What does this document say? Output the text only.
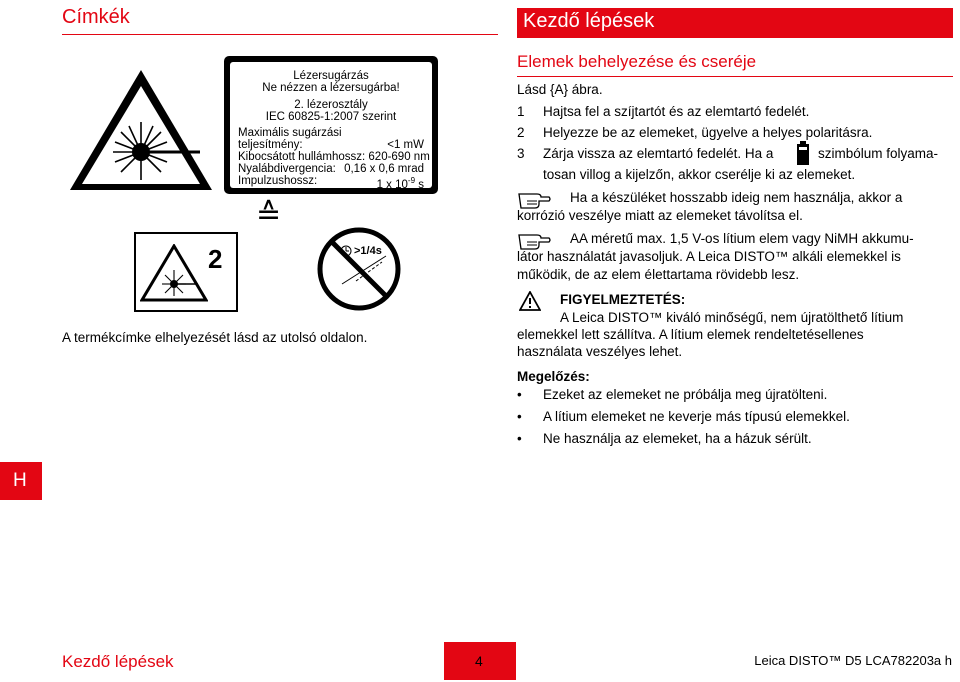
Címkék
Lézersugárzás
Ne nézzen a lézersugárba!
2. lézerosztály
IEC 60825-1:2007 szerint
Maximális sugárzási
teljesítmény:	<1 mW
Kibocsátott hullámhossz: 620-690 nm
Nyalábdivergencia: 0,16 x 0,6 mrad
Impulzushossz:	1 x $10^{-9}$ s
≙
2	>1/4s
A termékcímke elhelyezését lásd az utolsó oldalon.
Kezdő lépések
Elemek behelyezése és cseréje
Lásd {A} ábra.
1 Hajtsa fel a szíjtartót és az elemtartó fedelét.
2 Helyezze be az elemeket, ügyelve a helyes polaritásra.
3 Zárja vissza az elemtartó fedelét. Ha a	szimbólum folyama-
tosan villog a kijelzőn, akkor cserélje ki az elemeket.
Ha a készüléket hosszabb ideig nem használja, akkor a
korrózió veszélye miatt az elemeket távolítsa el.
AA méretű max. 1,5 V-os lítium elem vagy NiMH akkumu-
látor használatát javasoljuk. A Leica DISTO™ alkáli elemekkel is
működik, de az elem élettartama rövidebb lesz.
FIGYELMEZTETÉS:
A Leica DISTO™ kiváló minőségű, nem újratölthető lítium
elemekkel lett szállítva. A lítium elemek rendeltetésellenes
használata veszélyes lehet.
Megelőzés:
• Ezeket az elemeket ne próbálja meg újratölteni.
• A lítium elemeket ne keverje más típusú elemekkel.
• Ne használja az elemeket, ha a házuk sérült.
H
Kezdő lépések	4	Leica DISTO™ D5 LCA782203a h
